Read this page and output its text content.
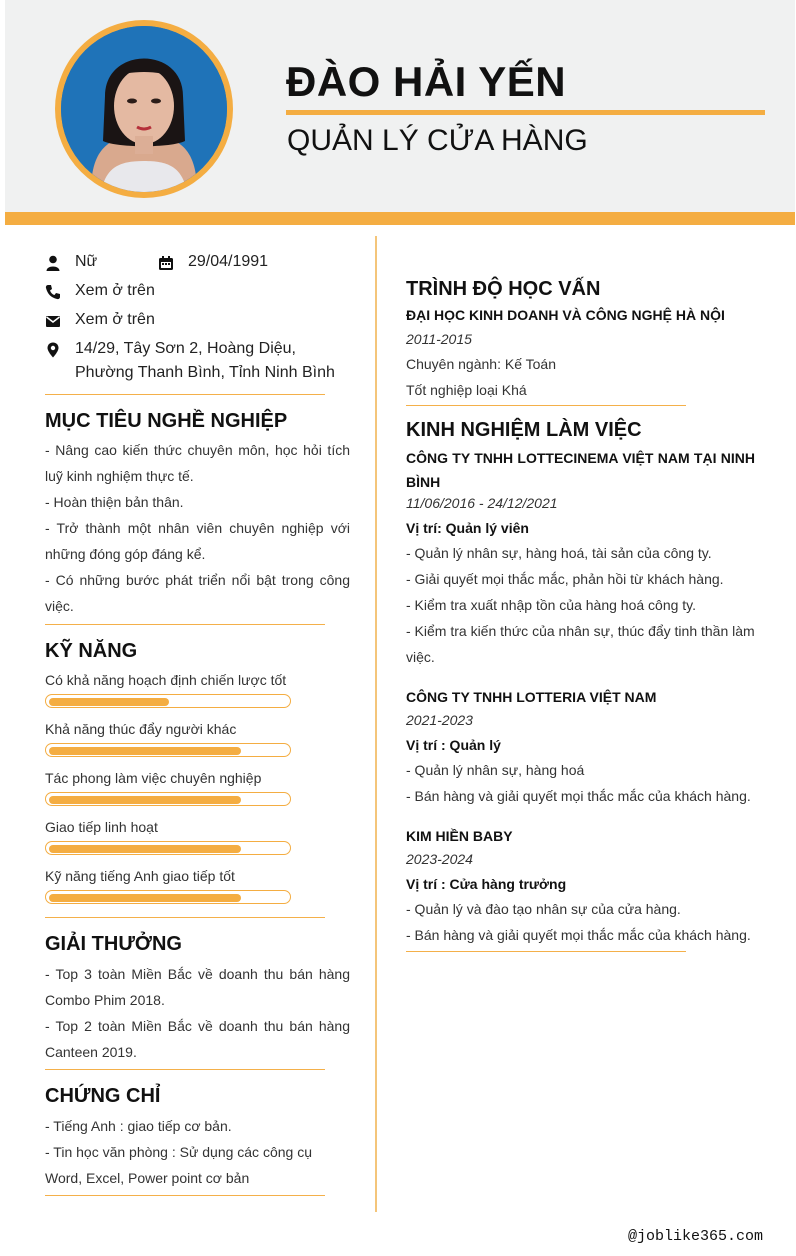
ĐÀO HẢI YẾN
QUẢN LÝ CỬA HÀNG
Nữ	29/04/1991
Xem ở trên
Xem ở trên
14/29, Tây Sơn 2, Hoàng Diệu, Phường Thanh Bình, Tỉnh Ninh Bình
MỤC TIÊU NGHỀ NGHIỆP

- Nâng cao kiến thức chuyên môn, học hỏi tích luỹ kinh nghiệm thực tế.

- Hoàn thiện bản thân.

- Trở thành một nhân viên chuyên nghiệp với những đóng góp đáng kể.

- Có những bước phát triển nổi bật trong công việc.

KỸ NĂNG
Có khả năng hoạch định chiến lược tốt
Khả năng thúc đẩy người khác
Tác phong làm việc chuyên nghiệp
Giao tiếp linh hoạt
Kỹ năng tiếng Anh giao tiếp tốt
GIẢI THƯỞNG

- Top 3 toàn Miền Bắc về doanh thu bán hàng Combo Phim 2018.

- Top 2 toàn Miền Bắc về doanh thu bán hàng Canteen 2019.

CHỨNG CHỈ

- Tiếng Anh : giao tiếp cơ bản.

- Tin học văn phòng : Sử dụng các công cụ Word, Excel, Power point cơ bản

TRÌNH ĐỘ HỌC VẤN
ĐẠI HỌC KINH DOANH VÀ CÔNG NGHỆ HÀ NỘI
2011-2015
Chuyên ngành: Kế Toán
Tốt nghiệp loại Khá
KINH NGHIỆM LÀM VIỆC
CÔNG TY TNHH LOTTECINEMA VIỆT NAM TẠI NINH BÌNH
11/06/2016 - 24/12/2021
Vị trí: Quản lý viên
- Quản lý nhân sự, hàng hoá, tài sản của công ty.
- Giải quyết mọi thắc mắc, phản hồi từ khách hàng.
- Kiểm tra xuất nhập tồn của hàng hoá công ty.
- Kiểm tra kiến thức của nhân sự, thúc đẩy tinh thần làm việc.
CÔNG TY TNHH LOTTERIA VIỆT NAM
2021-2023
Vị trí : Quản lý
- Quản lý nhân sự, hàng hoá
- Bán hàng và giải quyết mọi thắc mắc của khách hàng.
KIM HIỀN BABY
2023-2024
Vị trí : Cửa hàng trưởng
- Quản lý và đào tạo nhân sự của cửa hàng.
- Bán hàng và giải quyết mọi thắc mắc của khách hàng.
@joblike365.com
